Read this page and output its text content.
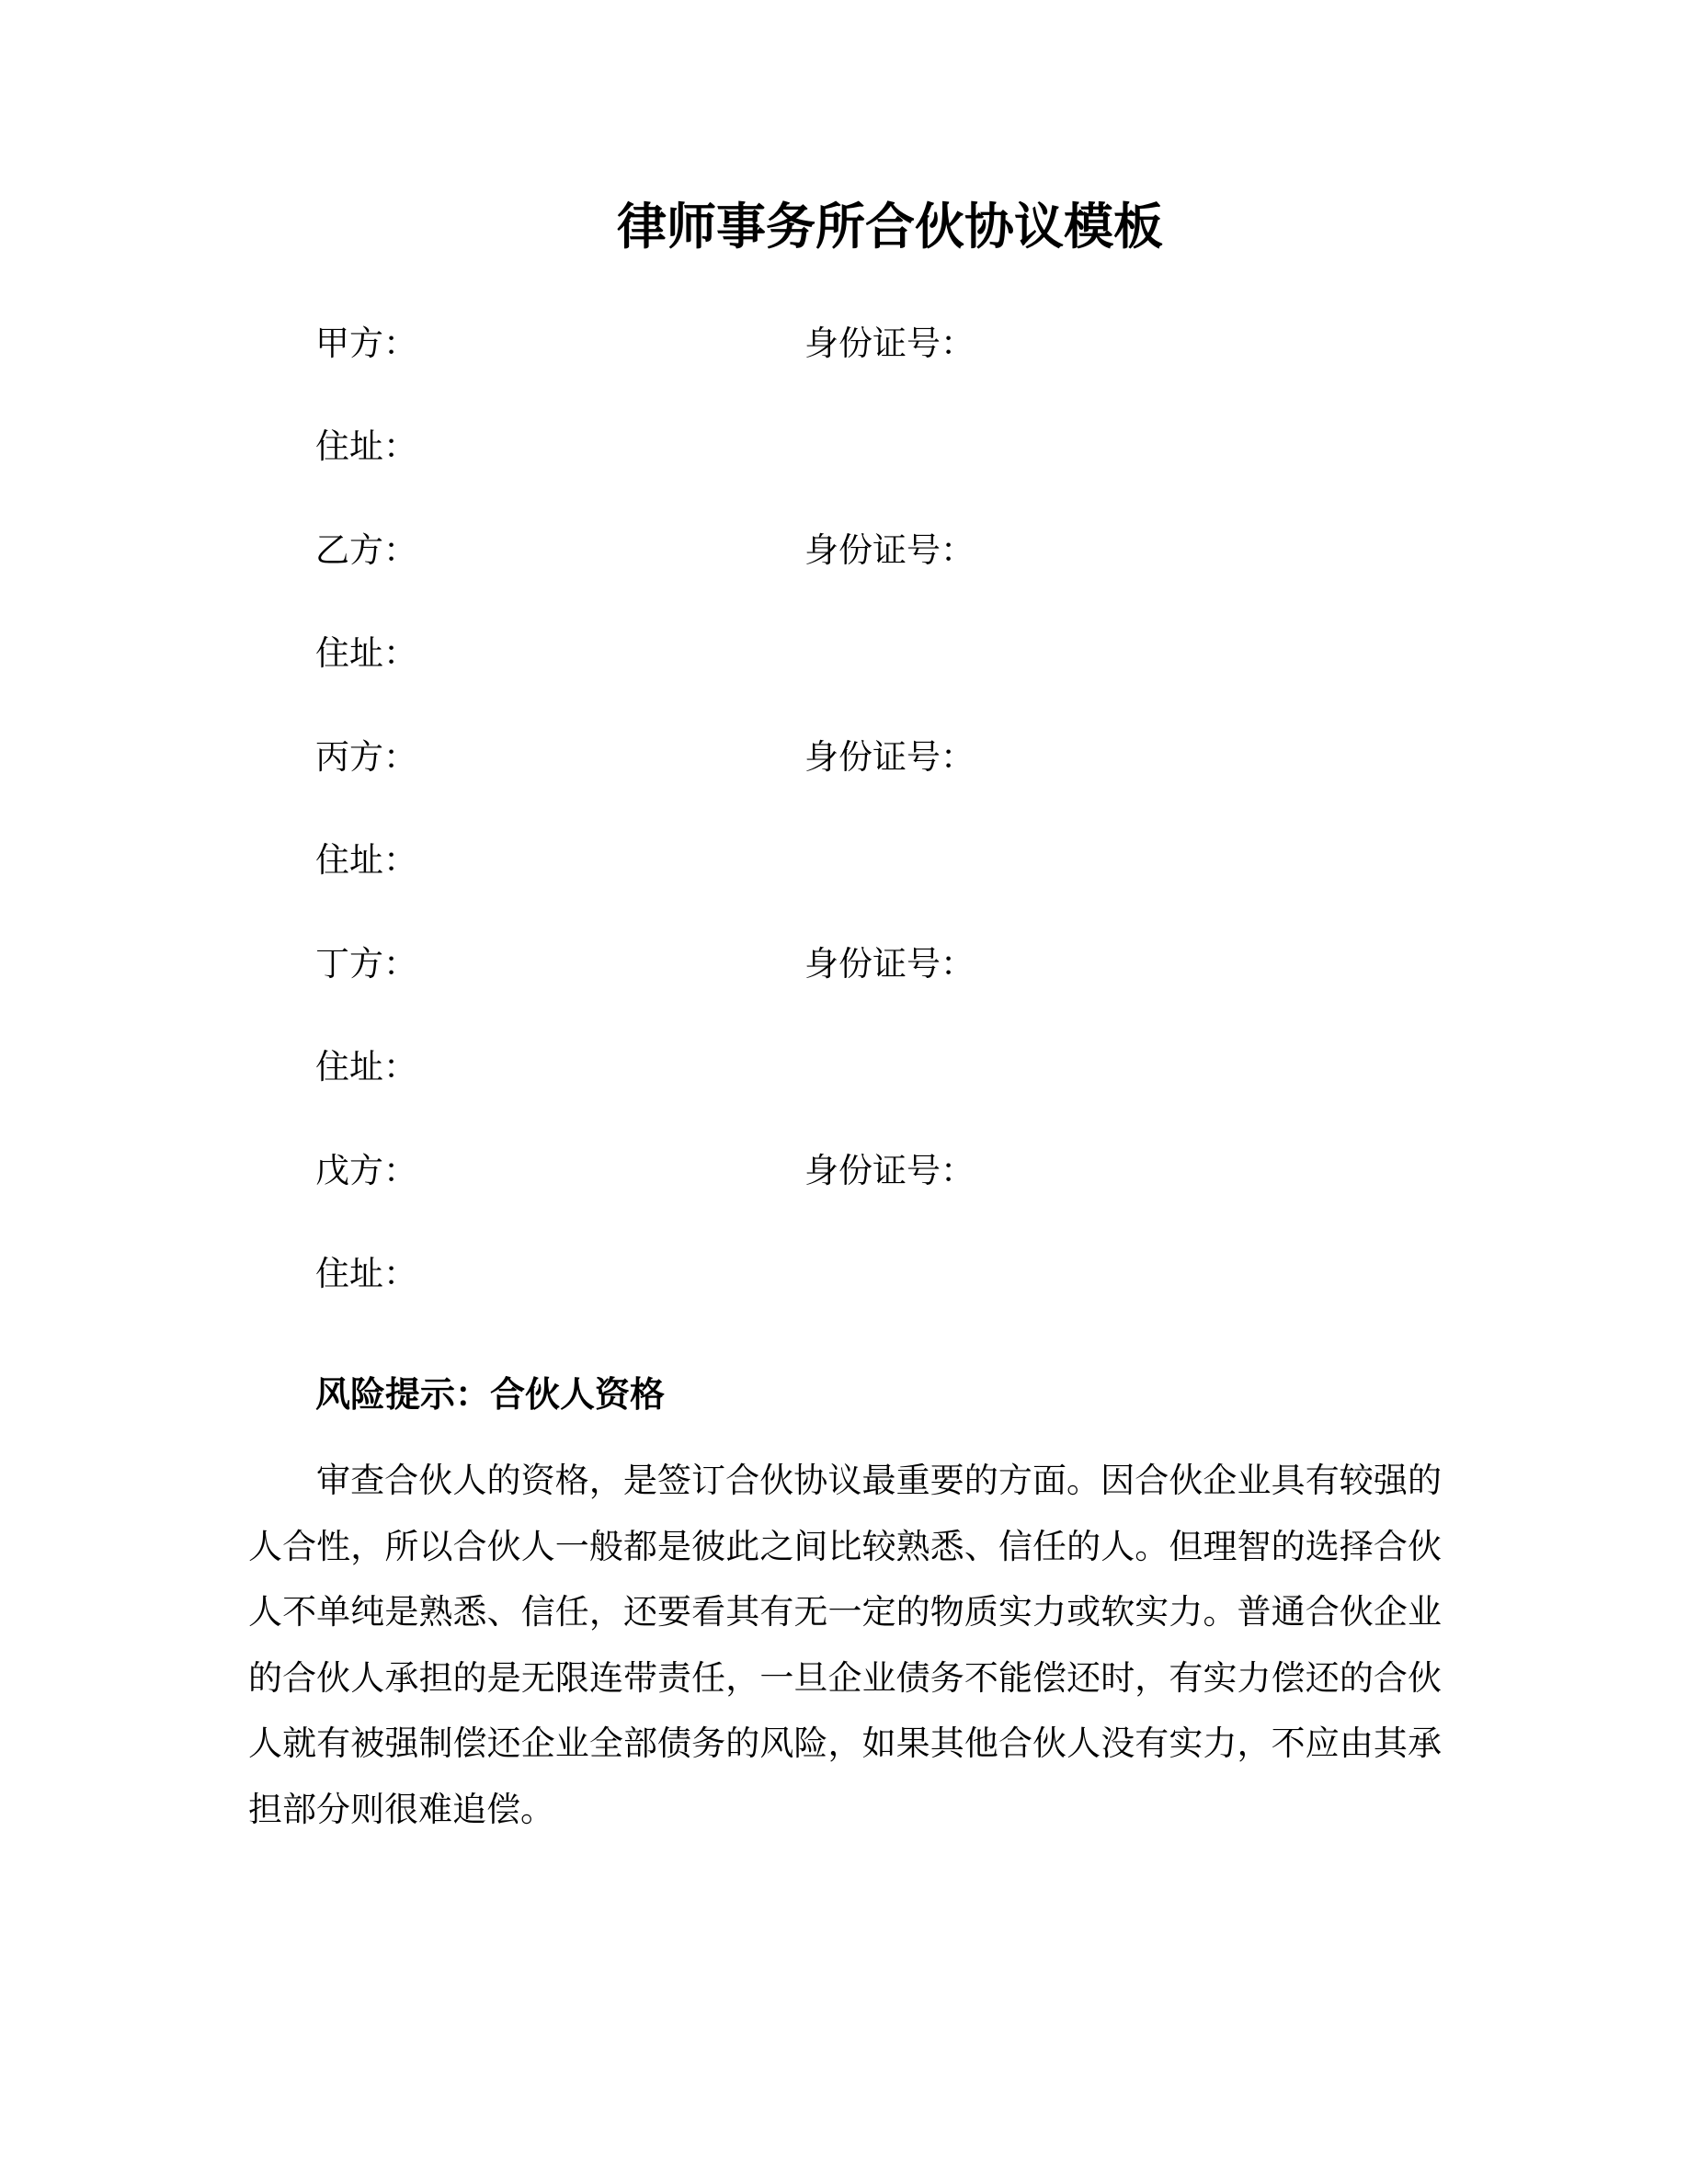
律师事务所合伙协议模板
甲方：	身份证号：
住址：
乙方：	身份证号：
住址：
丙方：	身份证号：
住址：
丁方：	身份证号：
住址：
戊方：	身份证号：
住址：
风险提示：合伙人资格
审查合伙人的资格，是签订合伙协议最重要的方面。因合伙企业具有较强的人合性，所以合伙人一般都是彼此之间比较熟悉、信任的人。但理智的选择合伙人不单纯是熟悉、信任，还要看其有无一定的物质实力或软实力。普通合伙企业的合伙人承担的是无限连带责任，一旦企业债务不能偿还时，有实力偿还的合伙人就有被强制偿还企业全部债务的风险，如果其他合伙人没有实力，不应由其承担部分则很难追偿。
